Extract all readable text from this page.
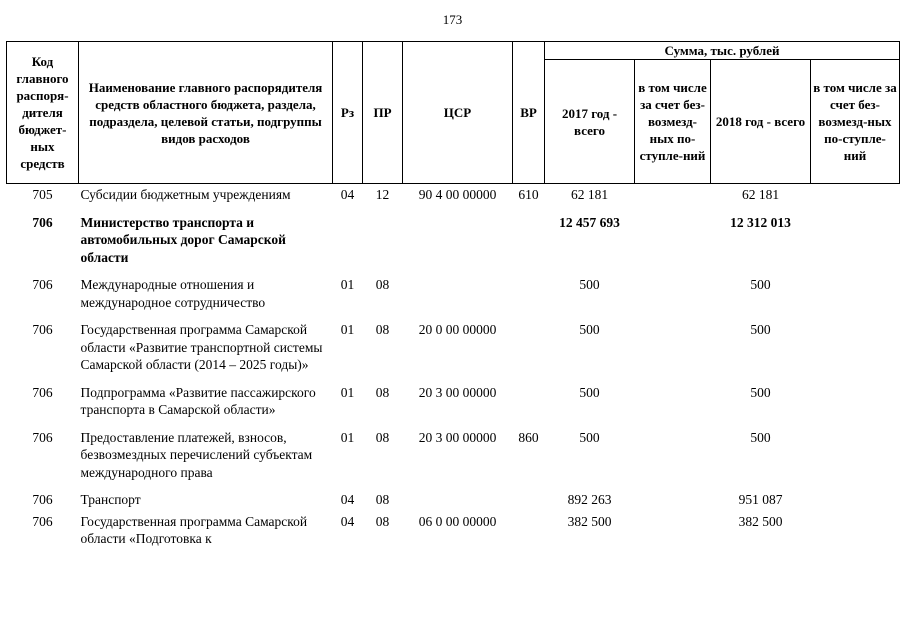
173
Код главного распоря-дителя бюджет-ных средств	Наименование главного распорядителя средств областного бюджета, раздела, подраздела, целевой статьи, подгруппы видов расходов	Рз	ПР	ЦСР	ВР	Сумма, тыс. рублей			
						2017 год - всего	в том числе за счет без-возмезд-ных по-ступле-ний	2018 год - всего	в том числе за счет без-возмезд-ных по-ступле-ний
705	Субсидии бюджетным учреждениям	04	12	90 4 00 00000	610	62 181		62 181	
706	Министерство транспорта и автомобильных дорог Самарской области					12 457 693		12 312 013	
706	Международные отношения и международное сотрудничество	01	08			500		500	
706	Государственная программа Самарской области «Развитие транспортной системы Самарской области (2014 – 2025 годы)»	01	08	20 0 00 00000		500		500	
706	Подпрограмма «Развитие пассажирского транспорта в Самарской области»	01	08	20 3 00 00000		500		500	
706	Предоставление платежей, взносов, безвозмездных перечислений субъектам международного права	01	08	20 3 00 00000	860	500		500	
706	Транспорт	04	08			892 263		951 087	
706	Государственная программа Самарской области «Подготовка к	04	08	06 0 00 00000		382 500		382 500	
